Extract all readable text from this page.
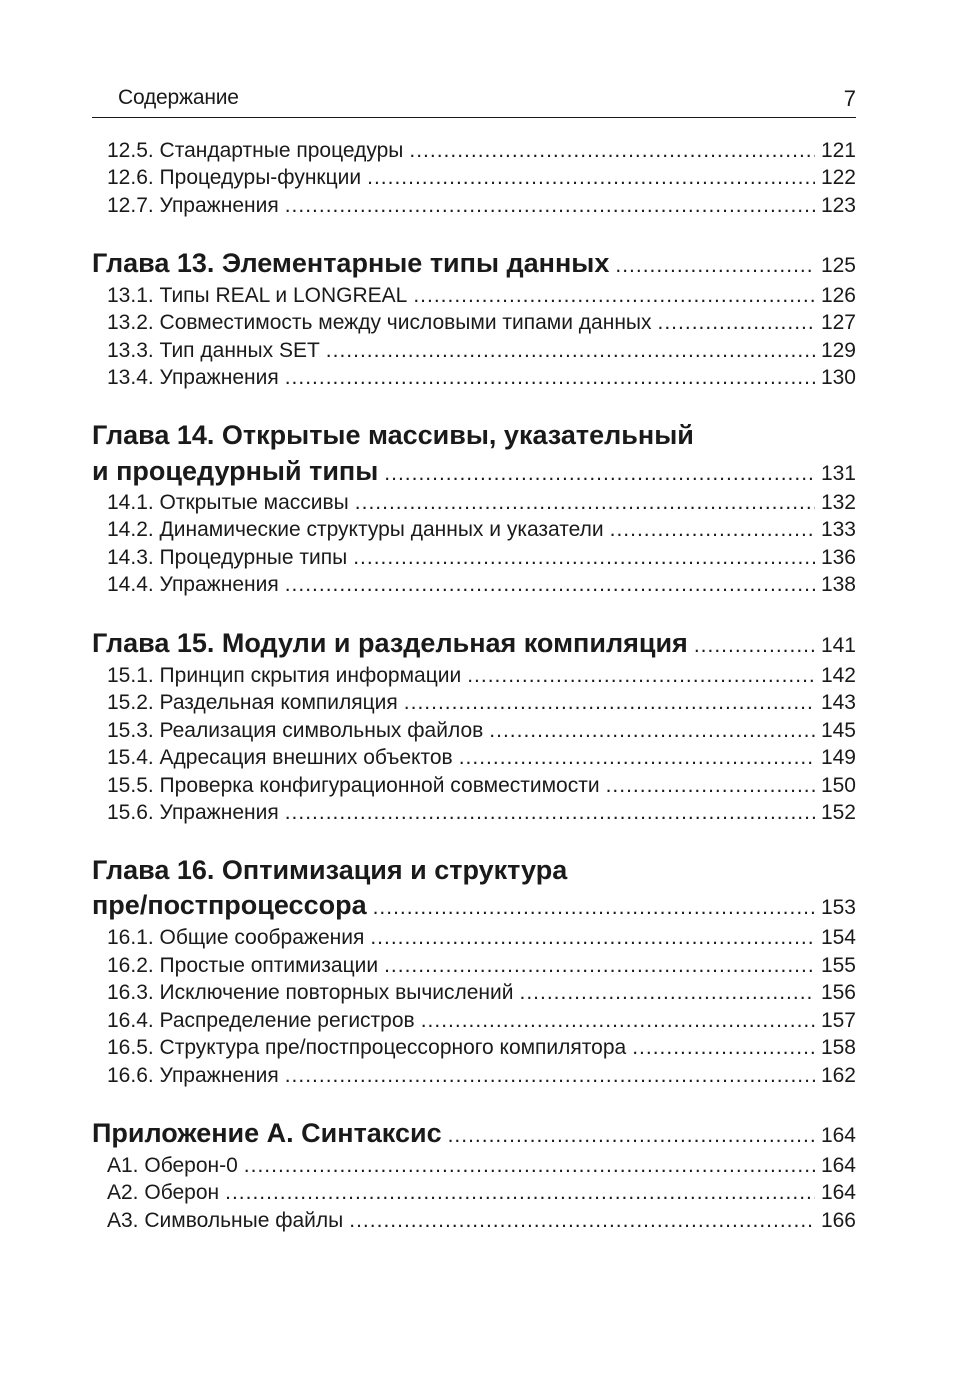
Содержание	7
12.5. Стандартные процедуры .....	121
12.6. Процедуры-функции .....	122
12.7. Упражнения .....	123
Глава 13. Элементарные типы данных .....	125
13.1. Типы REAL и LONGREAL .....	126
13.2. Совместимость между числовыми типами данных .....	127
13.3. Тип данных SET .....	129
13.4. Упражнения .....	130
Глава 14. Открытые массивы, указательный
и процедурный типы .....	131
14.1. Открытые массивы .....	132
14.2. Динамические структуры данных и указатели .....	133
14.3. Процедурные типы .....	136
14.4. Упражнения .....	138
Глава 15. Модули и раздельная компиляция .....	141
15.1. Принцип скрытия информации .....	142
15.2. Раздельная компиляция .....	143
15.3. Реализация символьных файлов .....	145
15.4. Адресация внешних объектов .....	149
15.5. Проверка конфигурационной совместимости .....	150
15.6. Упражнения .....	152
Глава 16. Оптимизация и структура
пре/постпроцессора .....	153
16.1. Общие соображения .....	154
16.2. Простые оптимизации .....	155
16.3. Исключение повторных вычислений .....	156
16.4. Распределение регистров .....	157
16.5. Структура пре/постпроцессорного компилятора .....	158
16.6. Упражнения .....	162
Приложение А. Синтаксис .....	164
А1. Оберон-0 .....	164
А2. Оберон .....	164
А3. Символьные файлы .....	166
